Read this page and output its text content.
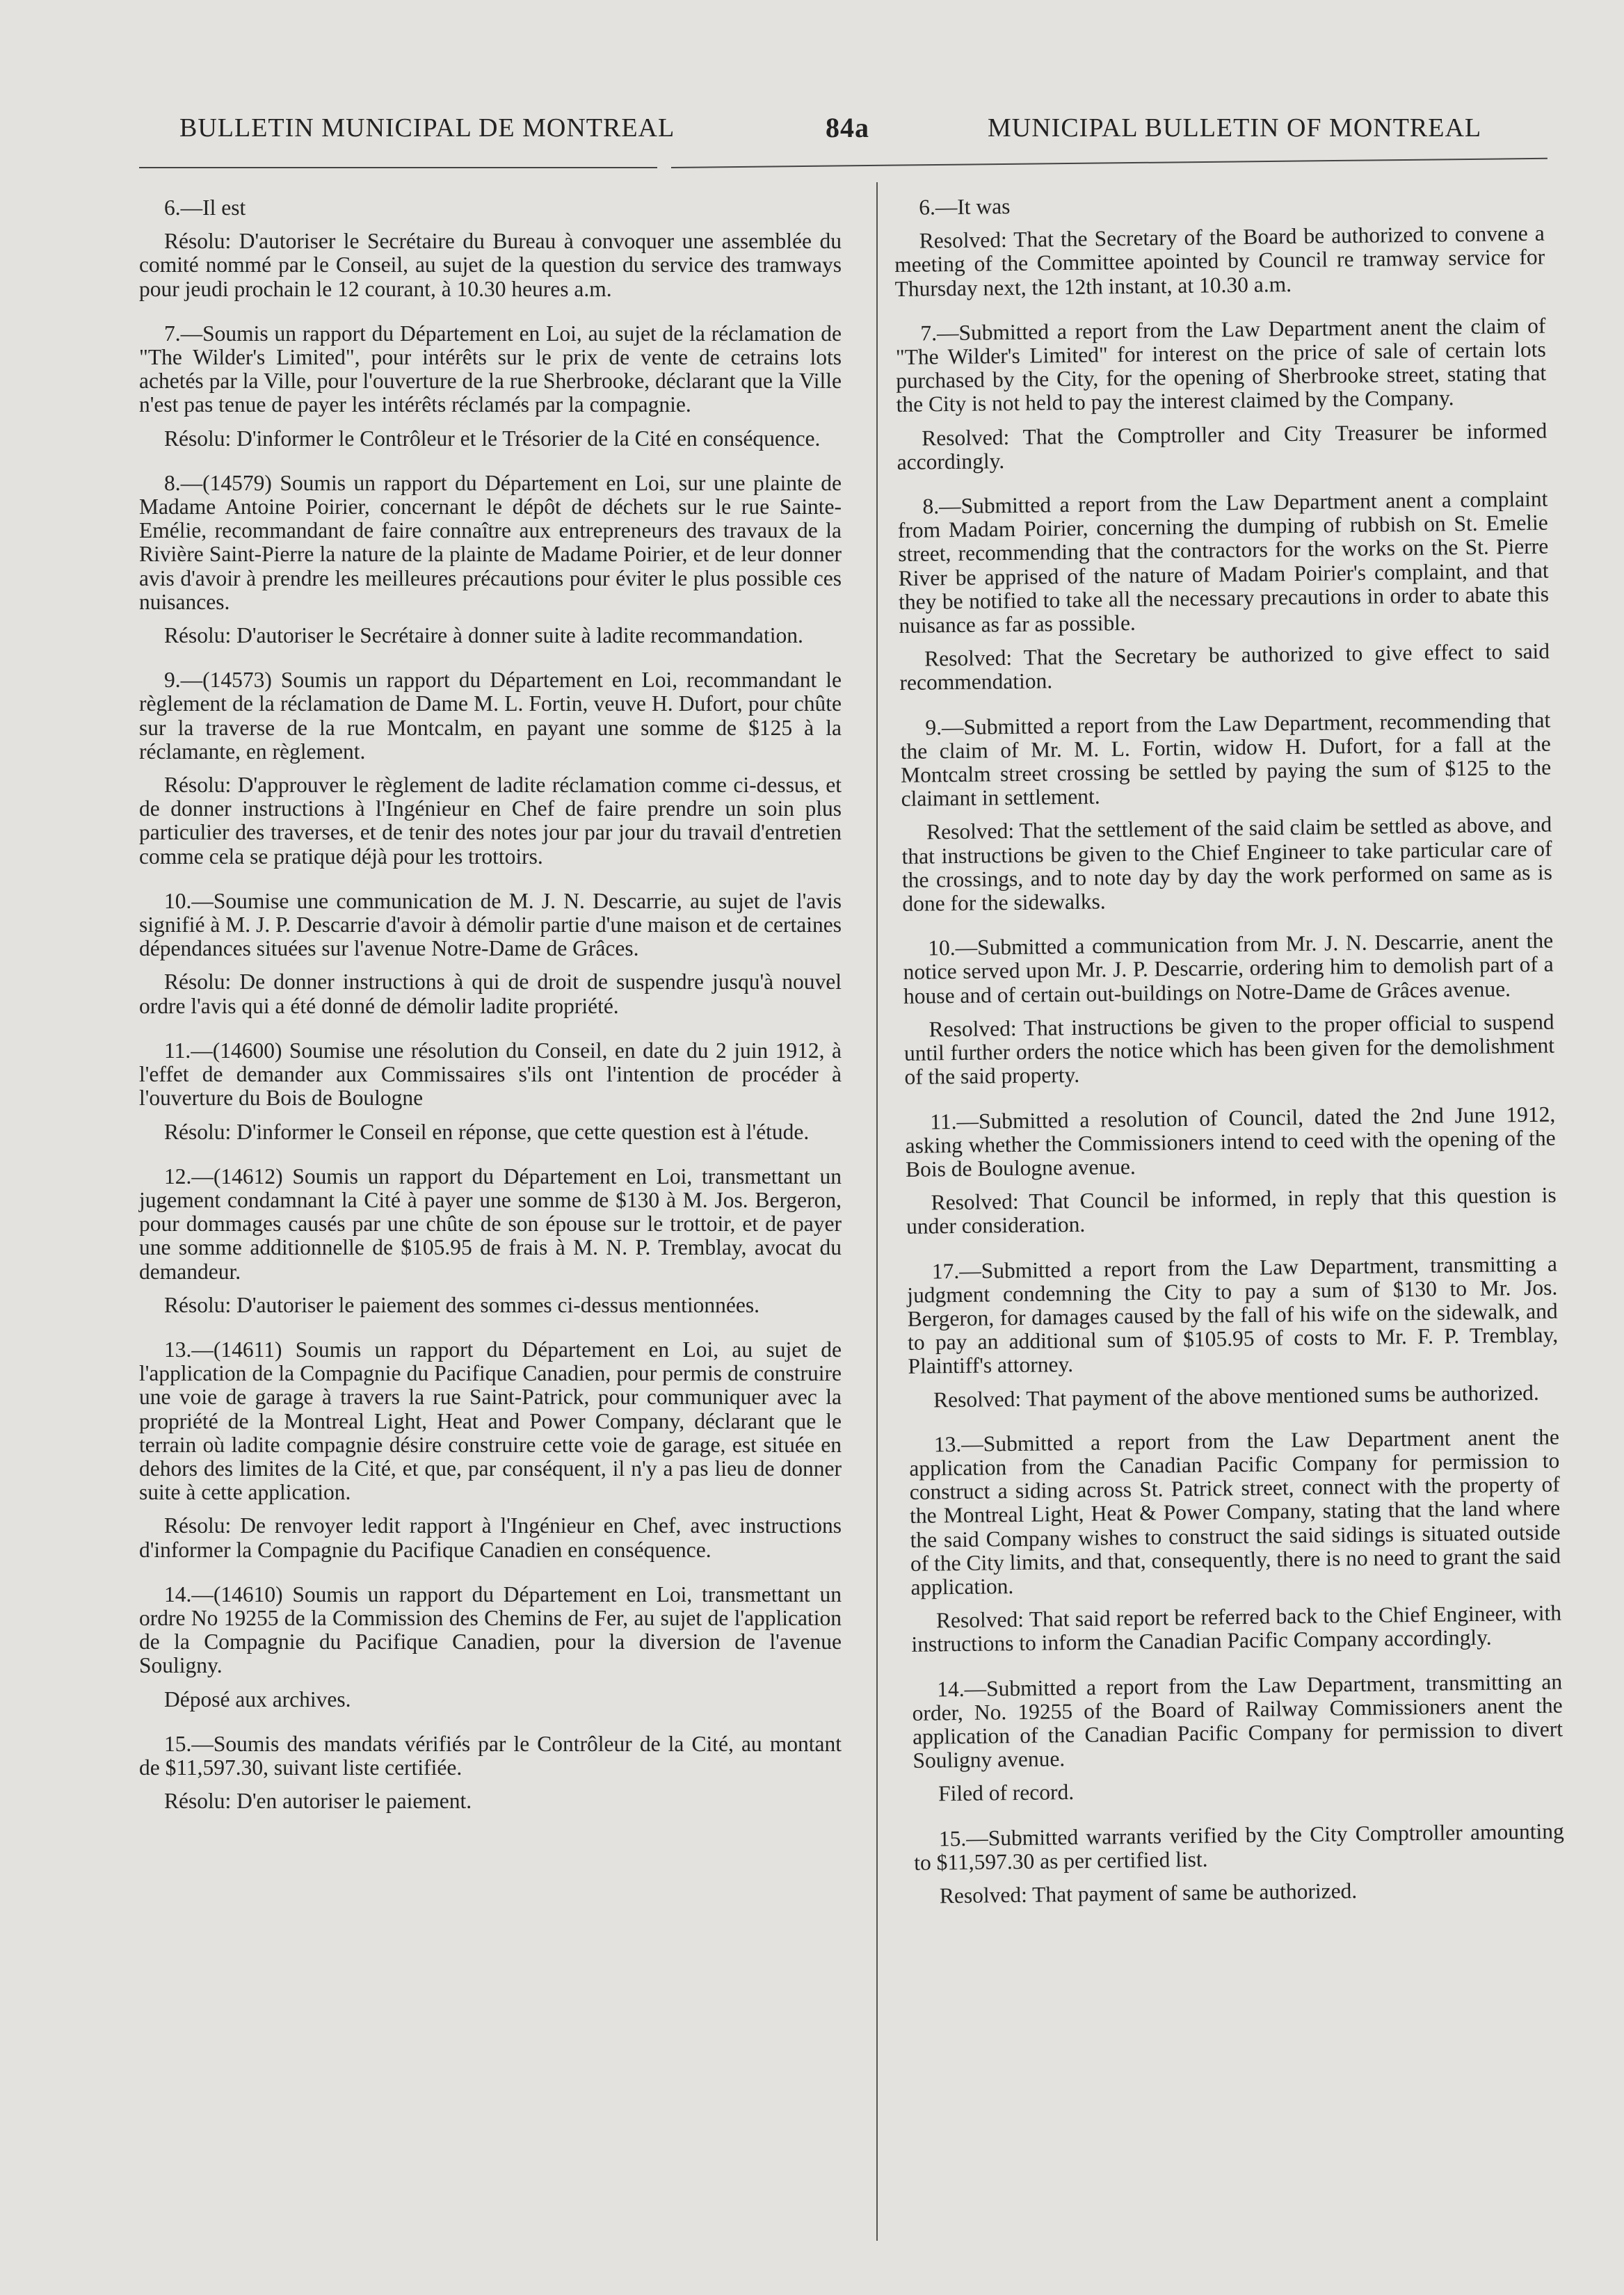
BULLETIN MUNICIPAL DE MONTREAL	84a	MUNICIPAL BULLETIN OF MONTREAL

6.—Il est

Résolu: D'autoriser le Secrétaire du Bureau à convoquer une assemblée du comité nommé par le Conseil, au sujet de la question du service des tramways pour jeudi prochain le 12 courant, à 10.30 heures a.m.

7.—Soumis un rapport du Département en Loi, au sujet de la réclamation de "The Wilder's Limited", pour intérêts sur le prix de vente de cetrains lots achetés par la Ville, pour l'ouverture de la rue Sherbrooke, déclarant que la Ville n'est pas tenue de payer les intérêts réclamés par la compagnie.

Résolu: D'informer le Contrôleur et le Trésorier de la Cité en conséquence.

8.—(14579) Soumis un rapport du Département en Loi, sur une plainte de Madame Antoine Poirier, concernant le dépôt de déchets sur le rue Sainte-Emélie, recommandant de faire connaître aux entrepreneurs des travaux de la Rivière Saint-Pierre la nature de la plainte de Madame Poirier, et de leur donner avis d'avoir à prendre les meilleures précautions pour éviter le plus possible ces nuisances.

Résolu: D'autoriser le Secrétaire à donner suite à ladite recommandation.

9.—(14573) Soumis un rapport du Département en Loi, recommandant le règlement de la réclamation de Dame M. L. Fortin, veuve H. Dufort, pour chûte sur la traverse de la rue Montcalm, en payant une somme de $125 à la réclamante, en règlement.

Résolu: D'approuver le règlement de ladite réclamation comme ci-dessus, et de donner instructions à l'Ingénieur en Chef de faire prendre un soin plus particulier des traverses, et de tenir des notes jour par jour du travail d'entretien comme cela se pratique déjà pour les trottoirs.

10.—Soumise une communication de M. J. N. Descarrie, au sujet de l'avis signifié à M. J. P. Descarrie d'avoir à démolir partie d'une maison et de certaines dépendances situées sur l'avenue Notre-Dame de Grâces.

Résolu: De donner instructions à qui de droit de suspendre jusqu'à nouvel ordre l'avis qui a été donné de démolir ladite propriété.

11.—(14600) Soumise une résolution du Conseil, en date du 2 juin 1912, à l'effet de demander aux Commissaires s'ils ont l'intention de procéder à l'ouverture du Bois de Boulogne

Résolu: D'informer le Conseil en réponse, que cette question est à l'étude.

12.—(14612) Soumis un rapport du Département en Loi, transmettant un jugement condamnant la Cité à payer une somme de $130 à M. Jos. Bergeron, pour dommages causés par une chûte de son épouse sur le trottoir, et de payer une somme additionnelle de $105.95 de frais à M. N. P. Tremblay, avocat du demandeur.

Résolu: D'autoriser le paiement des sommes ci-dessus mentionnées.

13.—(14611) Soumis un rapport du Département en Loi, au sujet de l'application de la Compagnie du Pacifique Canadien, pour permis de construire une voie de garage à travers la rue Saint-Patrick, pour communiquer avec la propriété de la Montreal Light, Heat and Power Company, déclarant que le terrain où ladite compagnie désire construire cette voie de garage, est située en dehors des limites de la Cité, et que, par conséquent, il n'y a pas lieu de donner suite à cette application.

Résolu: De renvoyer ledit rapport à l'Ingénieur en Chef, avec instructions d'informer la Compagnie du Pacifique Canadien en conséquence.

14.—(14610) Soumis un rapport du Département en Loi, transmettant un ordre No 19255 de la Commission des Chemins de Fer, au sujet de l'application de la Compagnie du Pacifique Canadien, pour la diversion de l'avenue Souligny.

Déposé aux archives.

15.—Soumis des mandats vérifiés par le Contrôleur de la Cité, au montant de $11,597.30, suivant liste certifiée.

Résolu: D'en autoriser le paiement.

6.—It was

Resolved: That the Secretary of the Board be authorized to convene a meeting of the Committee apointed by Council re tramway service for Thursday next, the 12th instant, at 10.30 a.m.

7.—Submitted a report from the Law Department anent the claim of "The Wilder's Limited" for interest on the price of sale of certain lots purchased by the City, for the opening of Sherbrooke street, stating that the City is not held to pay the interest claimed by the Company.

Resolved: That the Comptroller and City Treasurer be informed accordingly.

8.—Submitted a report from the Law Department anent a complaint from Madam Poirier, concerning the dumping of rubbish on St. Emelie street, recommending that the contractors for the works on the St. Pierre River be apprised of the nature of Madam Poirier's complaint, and that they be notified to take all the necessary precautions in order to abate this nuisance as far as possible.

Resolved: That the Secretary be authorized to give effect to said recommendation.

9.—Submitted a report from the Law Department, recommending that the claim of Mr. M. L. Fortin, widow H. Dufort, for a fall at the Montcalm street crossing be settled by paying the sum of $125 to the claimant in settlement.

Resolved: That the settlement of the said claim be settled as above, and that instructions be given to the Chief Engineer to take particular care of the crossings, and to note day by day the work performed on same as is done for the sidewalks.

10.—Submitted a communication from Mr. J. N. Descarrie, anent the notice served upon Mr. J. P. Descarrie, ordering him to demolish part of a house and of certain out-buildings on Notre-Dame de Grâces avenue.

Resolved: That instructions be given to the proper official to suspend until further orders the notice which has been given for the demolishment of the said property.

11.—Submitted a resolution of Council, dated the 2nd June 1912, asking whether the Commissioners intend to ceed with the opening of the Bois de Boulogne avenue.

Resolved: That Council be informed, in reply that this question is under consideration.

17.—Submitted a report from the Law Department, transmitting a judgment condemning the City to pay a sum of $130 to Mr. Jos. Bergeron, for damages caused by the fall of his wife on the sidewalk, and to pay an additional sum of $105.95 of costs to Mr. F. P. Tremblay, Plaintiff's attorney.

Resolved: That payment of the above mentioned sums be authorized.

13.—Submitted a report from the Law Department anent the application from the Canadian Pacific Company for permission to construct a siding across St. Patrick street, connect with the property of the Montreal Light, Heat & Power Company, stating that the land where the said Company wishes to construct the said sidings is situated outside of the City limits, and that, consequently, there is no need to grant the said application.

Resolved: That said report be referred back to the Chief Engineer, with instructions to inform the Canadian Pacific Company accordingly.

14.—Submitted a report from the Law Department, transmitting an order, No. 19255 of the Board of Railway Commissioners anent the application of the Canadian Pacific Company for permission to divert Souligny avenue.

Filed of record.

15.—Submitted warrants verified by the City Comptroller amounting to $11,597.30 as per certified list.

Resolved: That payment of same be authorized.
